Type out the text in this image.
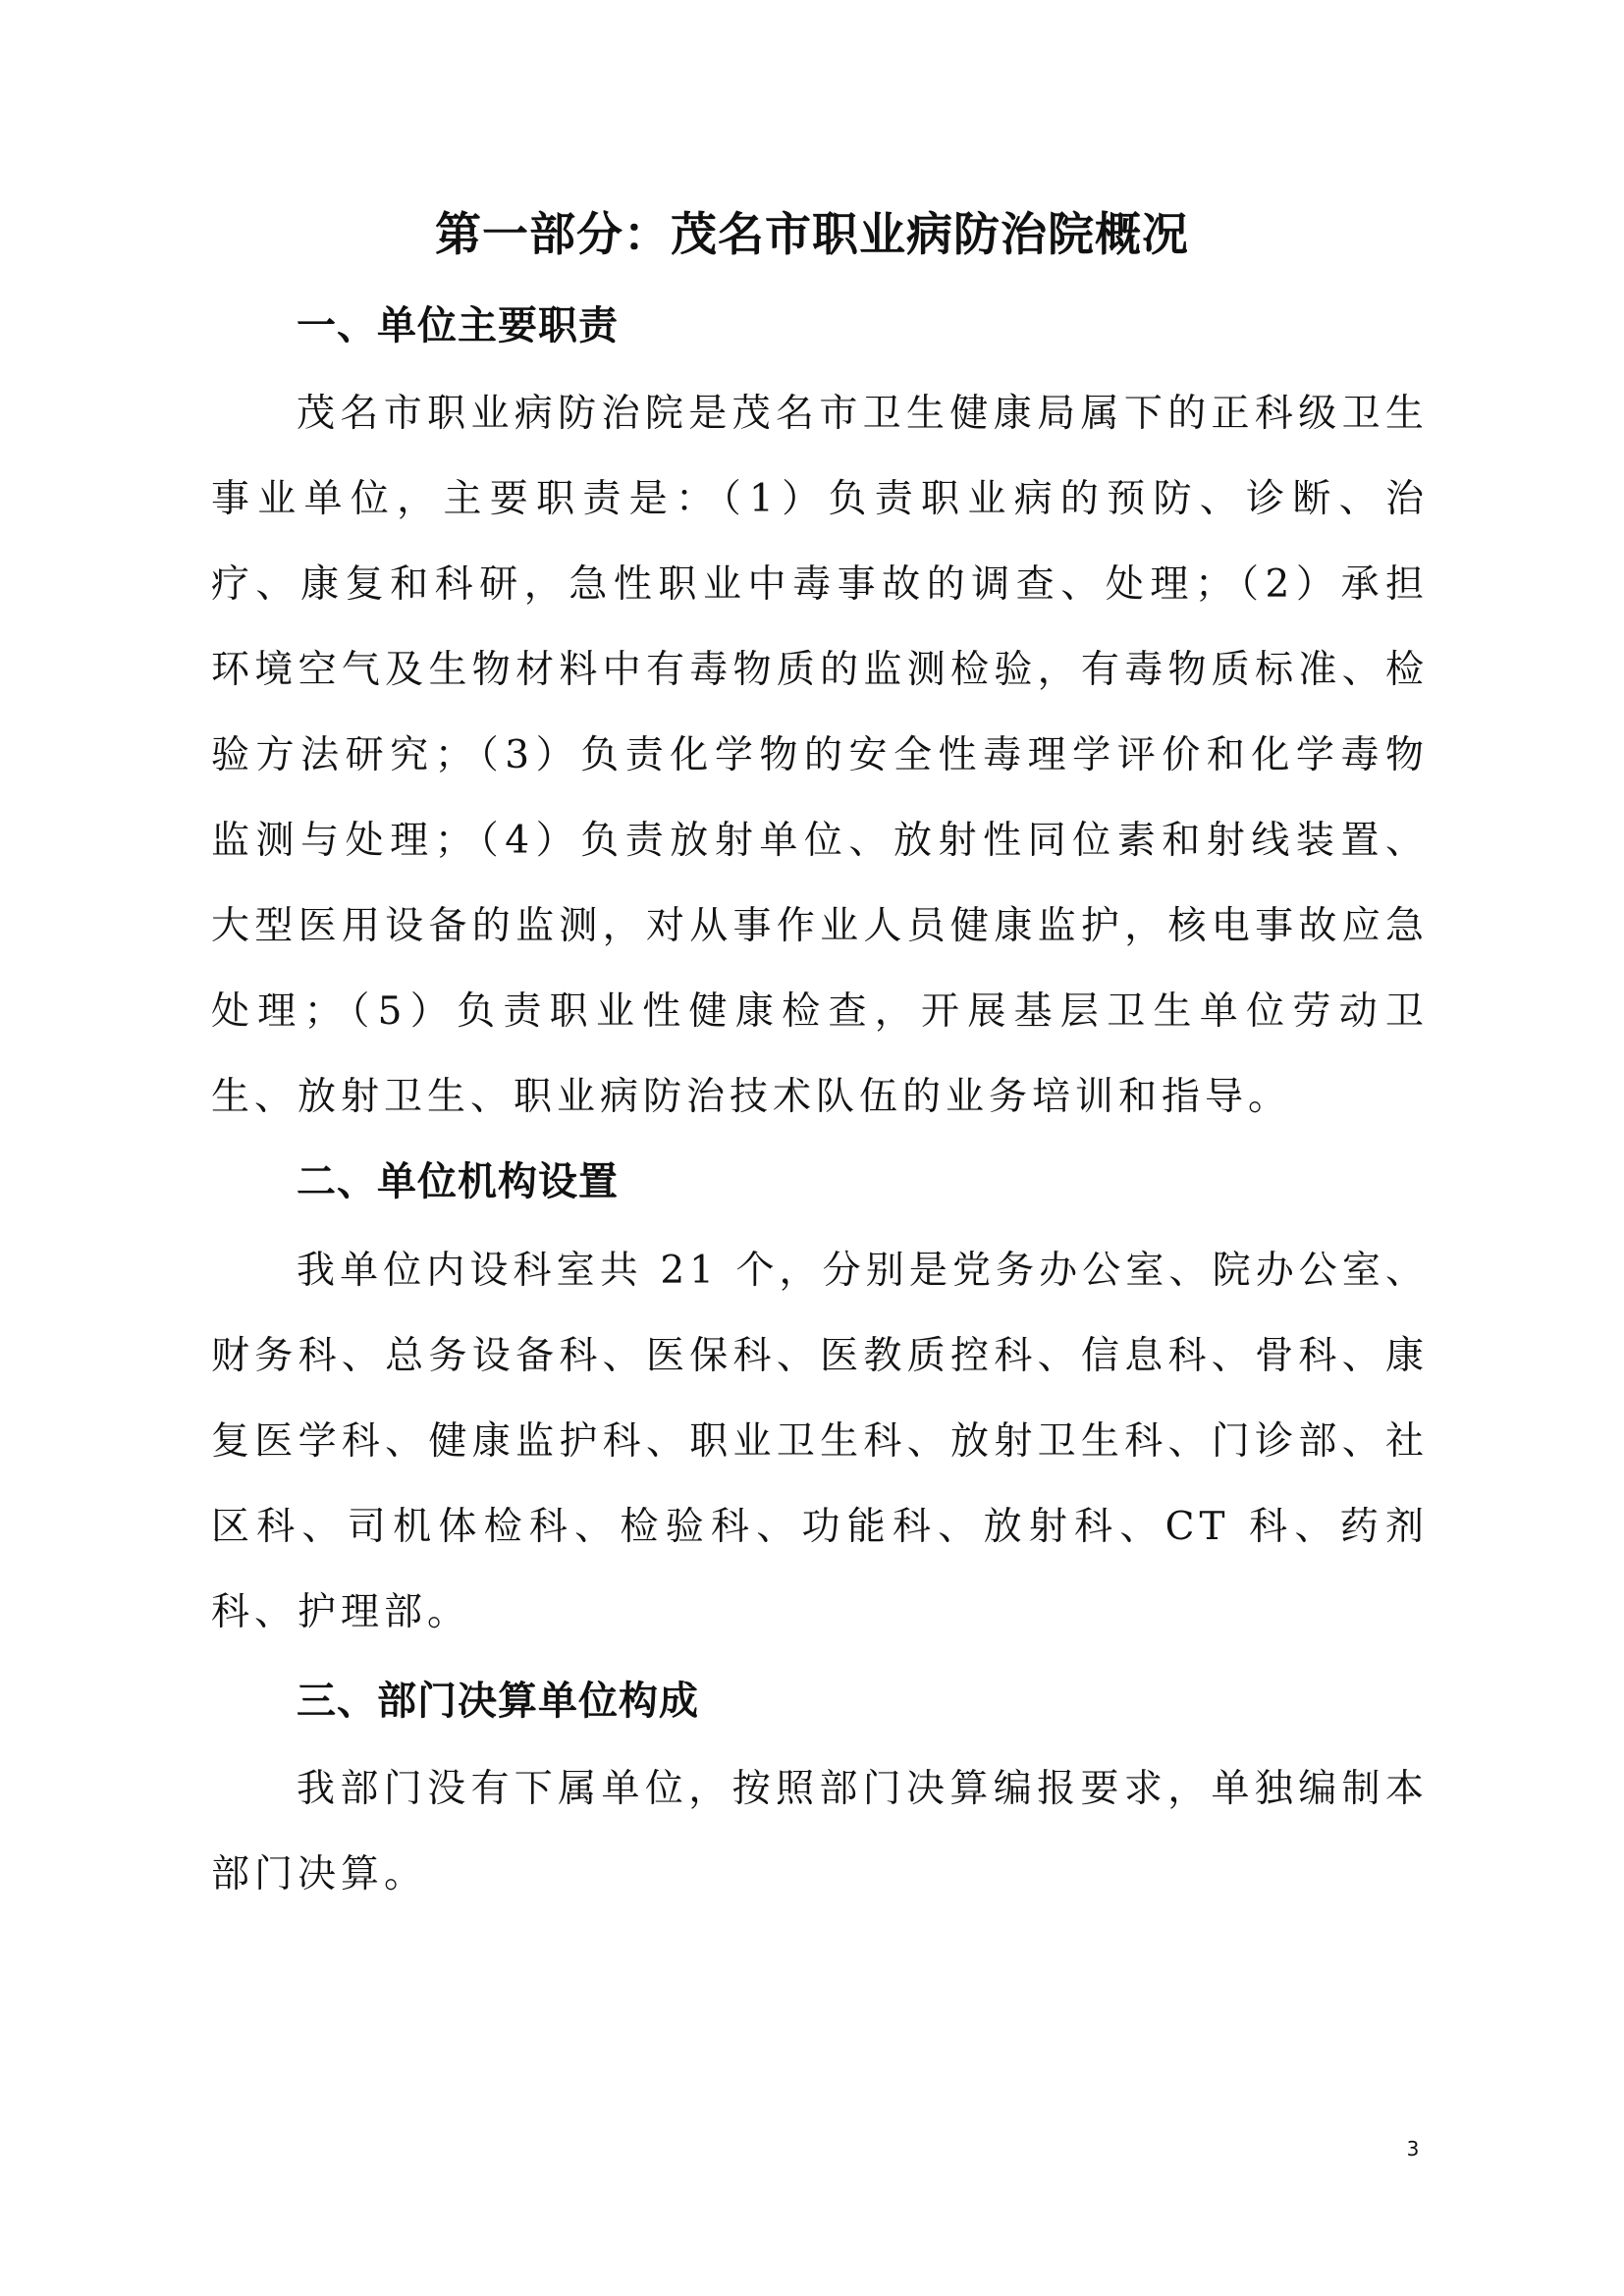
第一部分：茂名市职业病防治院概况
一、单位主要职责
茂名市职业病防治院是茂名市卫生健康局属下的正科级卫生事业单位，主要职责是：（1）负责职业病的预防、诊断、治疗、康复和科研，急性职业中毒事故的调查、处理；（2）承担环境空气及生物材料中有毒物质的监测检验，有毒物质标准、检验方法研究；（3）负责化学物的安全性毒理学评价和化学毒物监测与处理；（4）负责放射单位、放射性同位素和射线装置、大型医用设备的监测，对从事作业人员健康监护，核电事故应急处理；（5）负责职业性健康检查，开展基层卫生单位劳动卫生、放射卫生、职业病防治技术队伍的业务培训和指导。
二、单位机构设置
我单位内设科室共 21 个，分别是党务办公室、院办公室、财务科、总务设备科、医保科、医教质控科、信息科、骨科、康复医学科、健康监护科、职业卫生科、放射卫生科、门诊部、社区科、司机体检科、检验科、功能科、放射科、CT 科、药剂科、护理部。
三、部门决算单位构成
我部门没有下属单位，按照部门决算编报要求，单独编制本部门决算。
3
